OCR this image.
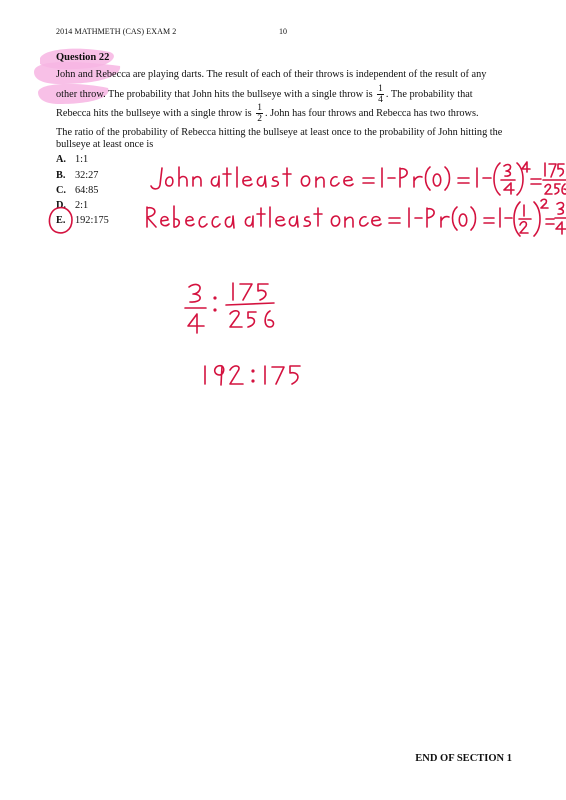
2014 MATHMETH (CAS) EXAM 2	10
Question 22
John and Rebecca are playing darts. The result of each of their throws is independent of the result of any
other throw. The probability that John hits the bullseye with a single throw is $\frac{1}{4}$ . The probability that
Rebecca hits the bullseye with a single throw is $\frac{1}{2}$ . John has four throws and Rebecca has two throws.
The ratio of the probability of Rebecca hitting the bullseye at least once to the probability of John hitting the
bullseye at least once is
A. 1:1
B. 32:27
C. 64:85
D. 2:1
E. 192:175
END OF SECTION 1
